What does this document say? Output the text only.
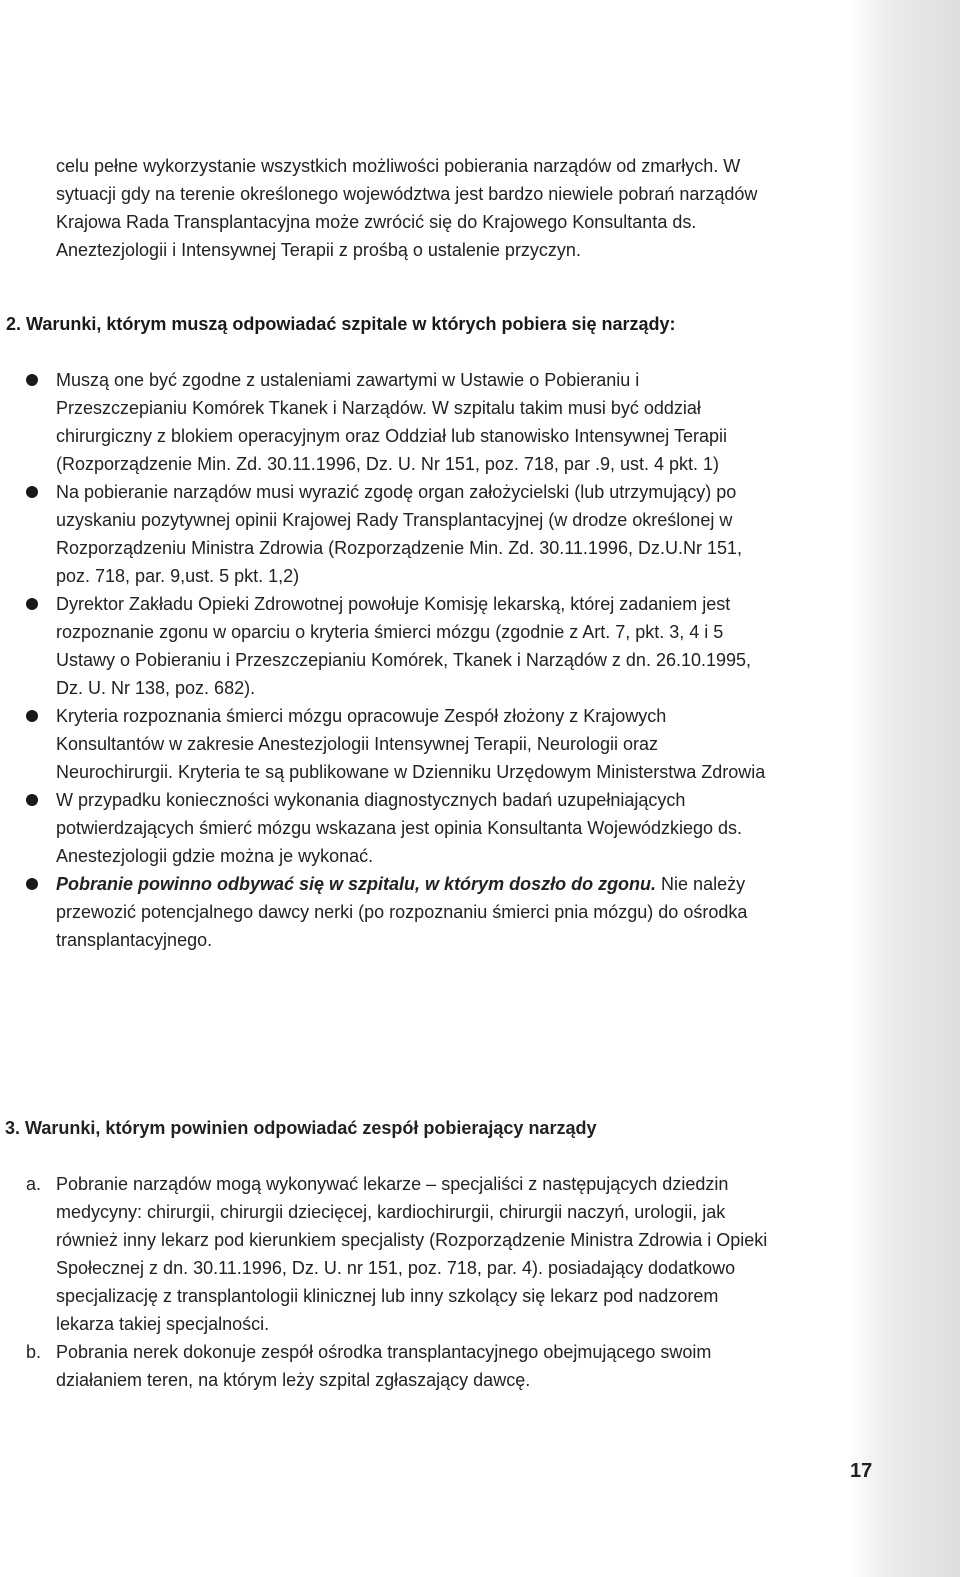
celu pełne wykorzystanie wszystkich możliwości pobierania narządów od zmarłych. W sytuacji gdy na terenie określonego województwa jest bardzo niewiele pobrań narządów Krajowa Rada Transplantacyjna może zwrócić się do Krajowego Konsultanta ds. Aneztezjologii i Intensywnej Terapii z prośbą o ustalenie przyczyn.

2. Warunki, którym muszą odpowiadać szpitale w których pobiera się narządy:

Muszą one być zgodne z ustaleniami zawartymi w Ustawie o Pobieraniu i Przeszczepianiu Komórek Tkanek i Narządów. W szpitalu takim musi być oddział chirurgiczny z blokiem operacyjnym oraz Oddział lub stanowisko Intensywnej Terapii (Rozporządzenie Min. Zd. 30.11.1996, Dz. U. Nr 151, poz. 718, par .9, ust. 4 pkt. 1)
Na pobieranie narządów musi wyrazić zgodę organ założycielski (lub utrzymujący) po uzyskaniu pozytywnej opinii Krajowej Rady Transplantacyjnej (w drodze określonej w Rozporządzeniu Ministra Zdrowia (Rozporządzenie Min. Zd. 30.11.1996, Dz.U.Nr 151, poz. 718, par. 9,ust. 5 pkt. 1,2)
Dyrektor Zakładu Opieki Zdrowotnej powołuje Komisję lekarską, której zadaniem jest rozpoznanie zgonu w oparciu o kryteria śmierci mózgu (zgodnie z Art. 7, pkt. 3, 4 i 5 Ustawy o Pobieraniu i Przeszczepianiu Komórek, Tkanek i Narządów z dn. 26.10.1995, Dz. U. Nr 138, poz. 682).
Kryteria rozpoznania śmierci mózgu opracowuje Zespół złożony z Krajowych Konsultantów w zakresie Anestezjologii Intensywnej Terapii, Neurologii oraz Neurochirurgii. Kryteria te są publikowane w Dzienniku Urzędowym Ministerstwa Zdrowia
W przypadku konieczności wykonania diagnostycznych badań uzupełniających potwierdzających śmierć mózgu wskazana jest opinia Konsultanta Wojewódzkiego ds. Anestezjologii gdzie można je wykonać.
Pobranie powinno odbywać się w szpitalu, w którym doszło do zgonu. Nie należy przewozić potencjalnego dawcy nerki (po rozpoznaniu śmierci pnia mózgu) do ośrodka transplantacyjnego.

3. Warunki, którym powinien odpowiadać zespół pobierający narządy

a. Pobranie narządów mogą wykonywać lekarze – specjaliści z następujących dziedzin medycyny: chirurgii, chirurgii dziecięcej, kardiochirurgii, chirurgii naczyń, urologii, jak również inny lekarz pod kierunkiem specjalisty (Rozporządzenie Ministra Zdrowia i Opieki Społecznej z dn. 30.11.1996, Dz. U. nr 151, poz. 718, par. 4). posiadający dodatkowo specjalizację z transplantologii klinicznej lub inny szkolący się lekarz pod nadzorem lekarza takiej specjalności.

b. Pobrania nerek dokonuje zespół ośrodka transplantacyjnego obejmującego swoim działaniem teren, na którym leży szpital zgłaszający dawcę.

17
